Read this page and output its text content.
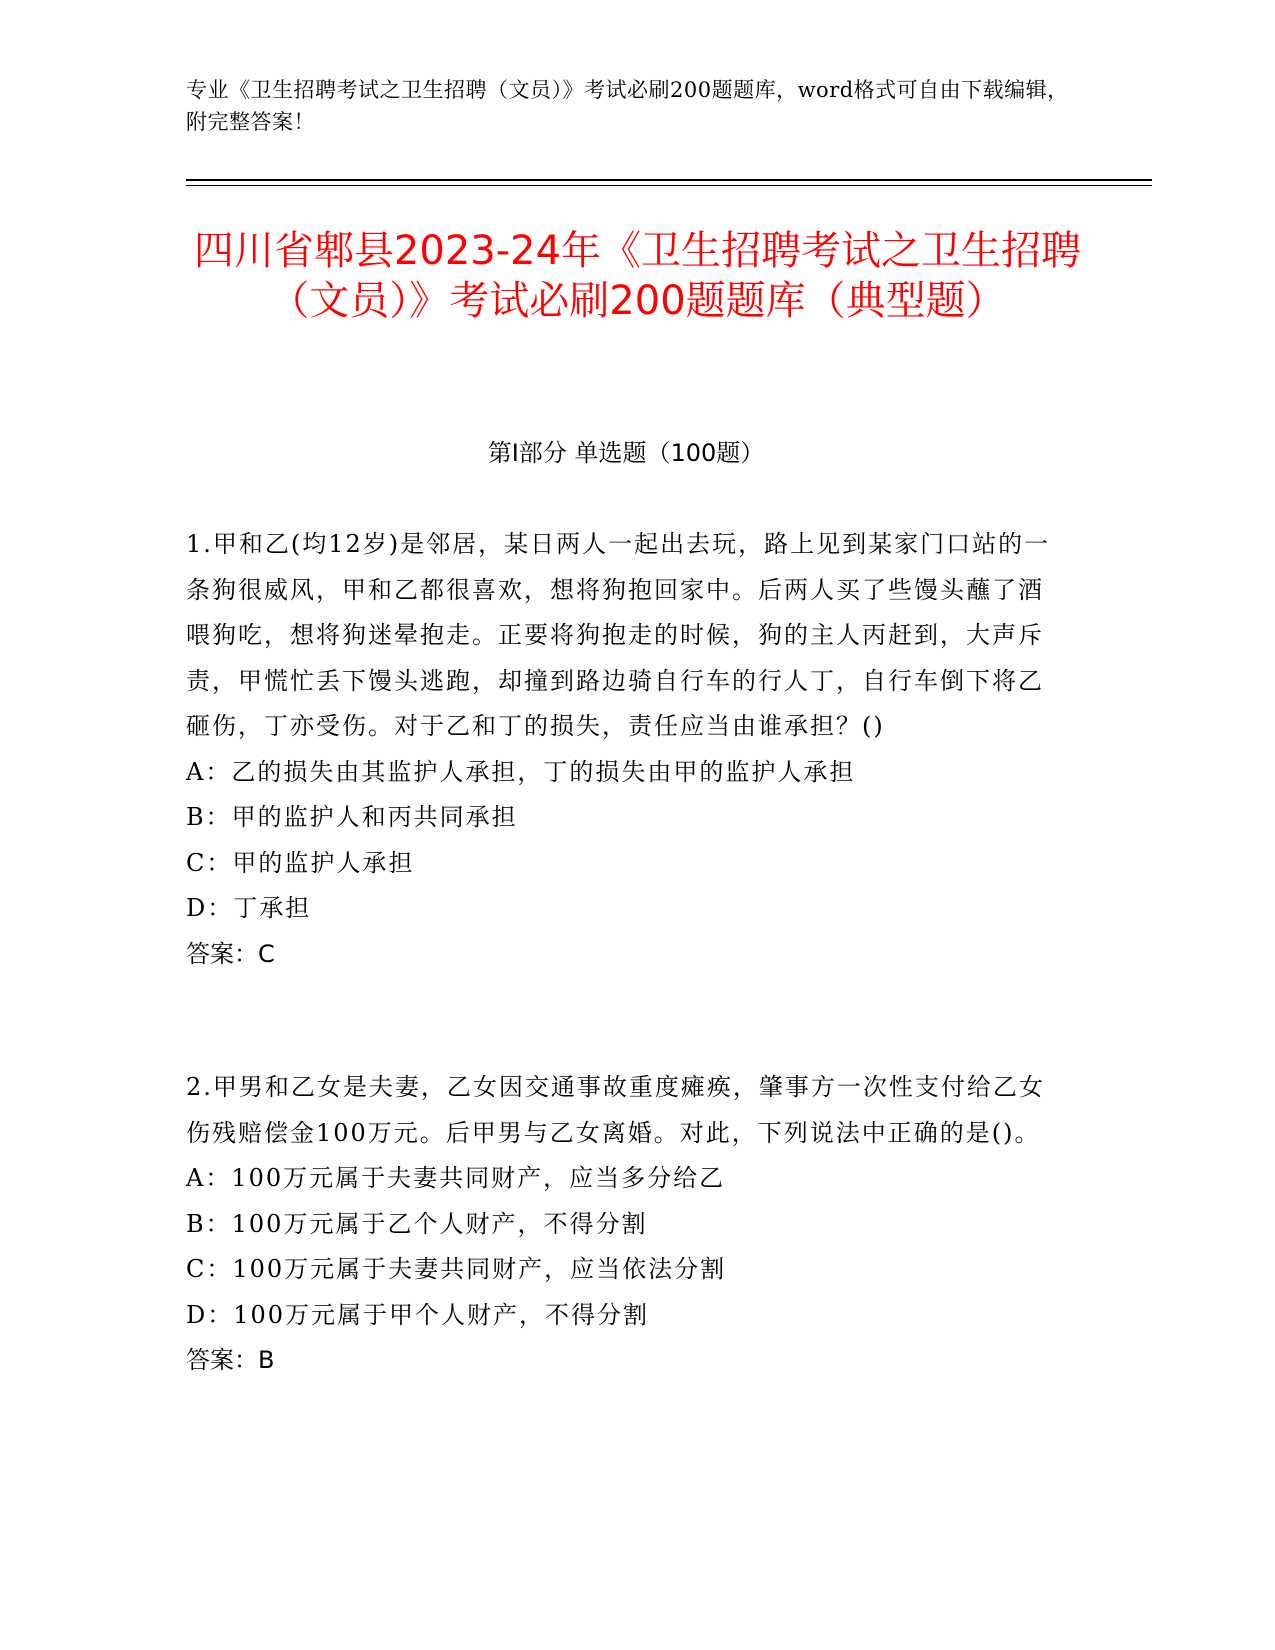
专业《卫生招聘考试之卫生招聘（文员）》考试必刷200题题库，word格式可自由下载编辑，附完整答案！
四川省郫县2023-24年《卫生招聘考试之卫生招聘（文员）》考试必刷200题题库（典型题）
第I部分 单选题（100题）
1.甲和乙(均12岁)是邻居，某日两人一起出去玩，路上见到某家门口站的一条狗很威风，甲和乙都很喜欢，想将狗抱回家中。后两人买了些馒头蘸了酒喂狗吃，想将狗迷晕抱走。正要将狗抱走的时候，狗的主人丙赶到，大声斥责，甲慌忙丢下馒头逃跑，却撞到路边骑自行车的行人丁，自行车倒下将乙砸伤，丁亦受伤。对于乙和丁的损失，责任应当由谁承担？()
A：乙的损失由其监护人承担，丁的损失由甲的监护人承担
B：甲的监护人和丙共同承担
C：甲的监护人承担
D：丁承担
答案：C
2.甲男和乙女是夫妻，乙女因交通事故重度瘫痪，肇事方一次性支付给乙女伤残赔偿金100万元。后甲男与乙女离婚。对此，下列说法中正确的是()。
A：100万元属于夫妻共同财产，应当多分给乙
B：100万元属于乙个人财产，不得分割
C：100万元属于夫妻共同财产，应当依法分割
D：100万元属于甲个人财产，不得分割
答案：B
